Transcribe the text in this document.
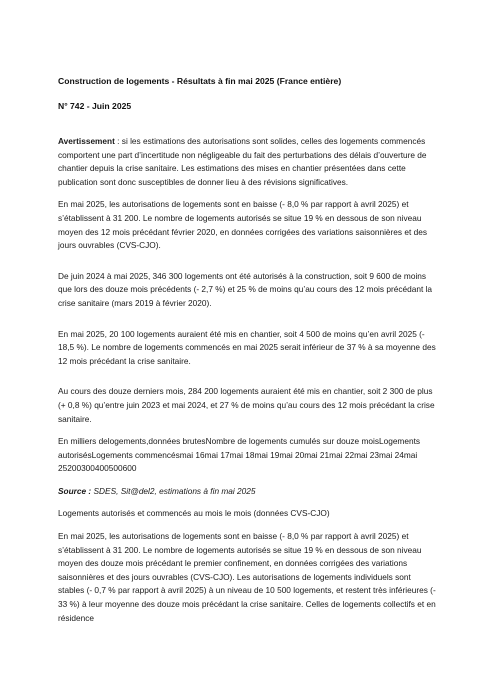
Construction de logements - Résultats à fin mai 2025 (France entière)
N° 742 - Juin 2025

Avertissement : si les estimations des autorisations sont solides, celles des logements commencés comportent une part d’incertitude non négligeable du fait des perturbations des délais d’ouverture de chantier depuis la crise sanitaire. Les estimations des mises en chantier présentées dans cette publication sont donc susceptibles de donner lieu à des révisions significatives.

En mai 2025, les autorisations de logements sont en baisse (- 8,0 % par rapport à avril 2025) et s’établissent à 31 200. Le nombre de logements autorisés se situe 19 % en dessous de son niveau moyen des 12 mois précédant février 2020, en données corrigées des variations saisonnières et des jours ouvrables (CVS-CJO).

De juin 2024 à mai 2025, 346 300 logements ont été autorisés à la construction, soit 9 600 de moins que lors des douze mois précédents (- 2,7 %) et 25 % de moins qu’au cours des 12 mois précédant la crise sanitaire (mars 2019 à février 2020).

En mai 2025, 20 100 logements auraient été mis en chantier, soit 4 500 de moins qu’en avril 2025 (- 18,5 %). Le nombre de logements commencés en mai 2025 serait inférieur de 37 % à sa moyenne des 12 mois précédant la crise sanitaire.

Au cours des douze derniers mois, 284 200 logements auraient été mis en chantier, soit 2 300 de plus (+ 0,8 %) qu’entre juin 2023 et mai 2024, et 27 % de moins qu’au cours des 12 mois précédant la crise sanitaire.

En milliers delogements,données brutesNombre de logements cumulés sur douze moisLogements autorisésLogements commencésmai 16mai 17mai 18mai 19mai 20mai 21mai 22mai 23mai 24mai 25200300400500600

Source : SDES, Sit@del2, estimations à fin mai 2025

Logements autorisés et commencés au mois le mois (données CVS-CJO)

En mai 2025, les autorisations de logements sont en baisse (- 8,0 % par rapport à avril 2025) et s’établissent à 31 200. Le nombre de logements autorisés se situe 19 % en dessous de son niveau moyen des douze mois précédant le premier confinement, en données corrigées des variations saisonnières et des jours ouvrables (CVS-CJO). Les autorisations de logements individuels sont stables (- 0,7 % par rapport à avril 2025) à un niveau de 10 500 logements, et restent très inférieures (- 33 %) à leur moyenne des douze mois précédant la crise sanitaire. Celles de logements collectifs et en résidence
